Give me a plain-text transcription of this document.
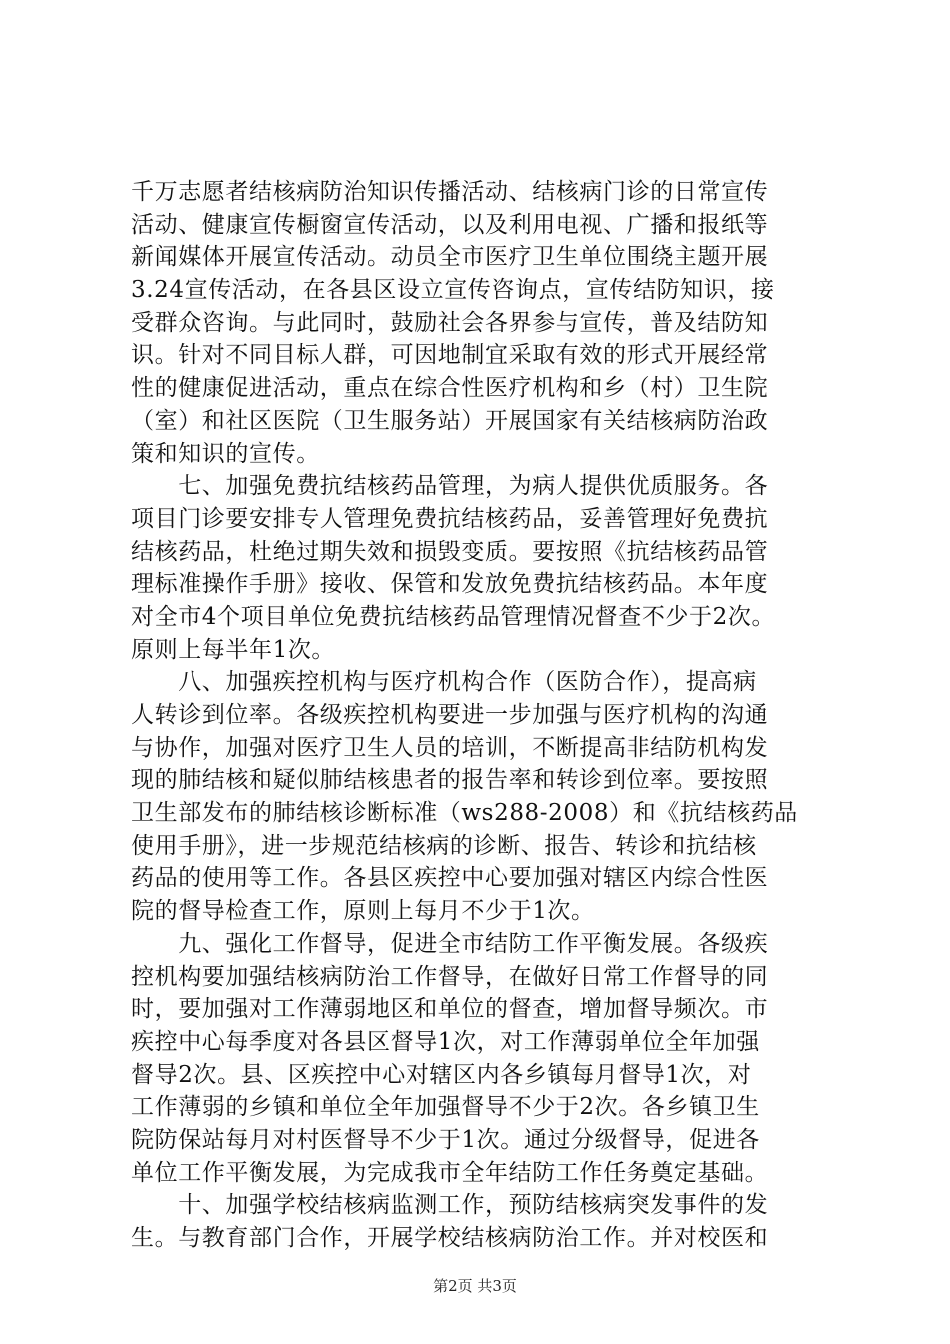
千万志愿者结核病防治知识传播活动、结核病门诊的日常宣传
活动、健康宣传橱窗宣传活动，以及利用电视、广播和报纸等
新闻媒体开展宣传活动。动员全市医疗卫生单位围绕主题开展
3.24宣传活动，在各县区设立宣传咨询点，宣传结防知识，接
受群众咨询。与此同时，鼓励社会各界参与宣传，普及结防知
识。针对不同目标人群，可因地制宜采取有效的形式开展经常
性的健康促进活动，重点在综合性医疗机构和乡（村）卫生院
（室）和社区医院（卫生服务站）开展国家有关结核病防治政
策和知识的宣传。
　　七、加强免费抗结核药品管理，为病人提供优质服务。各
项目门诊要安排专人管理免费抗结核药品，妥善管理好免费抗
结核药品，杜绝过期失效和损毁变质。要按照《抗结核药品管
理标准操作手册》接收、保管和发放免费抗结核药品。本年度
对全市4个项目单位免费抗结核药品管理情况督查不少于2次。
原则上每半年1次。
　　八、加强疾控机构与医疗机构合作（医防合作），提高病
人转诊到位率。各级疾控机构要进一步加强与医疗机构的沟通
与协作，加强对医疗卫生人员的培训，不断提高非结防机构发
现的肺结核和疑似肺结核患者的报告率和转诊到位率。要按照
卫生部发布的肺结核诊断标准（ws288-2008）和《抗结核药品
使用手册》，进一步规范结核病的诊断、报告、转诊和抗结核
药品的使用等工作。各县区疾控中心要加强对辖区内综合性医
院的督导检查工作，原则上每月不少于1次。
　　九、强化工作督导，促进全市结防工作平衡发展。各级疾
控机构要加强结核病防治工作督导，在做好日常工作督导的同
时，要加强对工作薄弱地区和单位的督查，增加督导频次。市
疾控中心每季度对各县区督导1次，对工作薄弱单位全年加强
督导2次。县、区疾控中心对辖区内各乡镇每月督导1次，对
工作薄弱的乡镇和单位全年加强督导不少于2次。各乡镇卫生
院防保站每月对村医督导不少于1次。通过分级督导，促进各
单位工作平衡发展，为完成我市全年结防工作任务奠定基础。
　　十、加强学校结核病监测工作，预防结核病突发事件的发
生。与教育部门合作，开展学校结核病防治工作。并对校医和
第2页 共3页
